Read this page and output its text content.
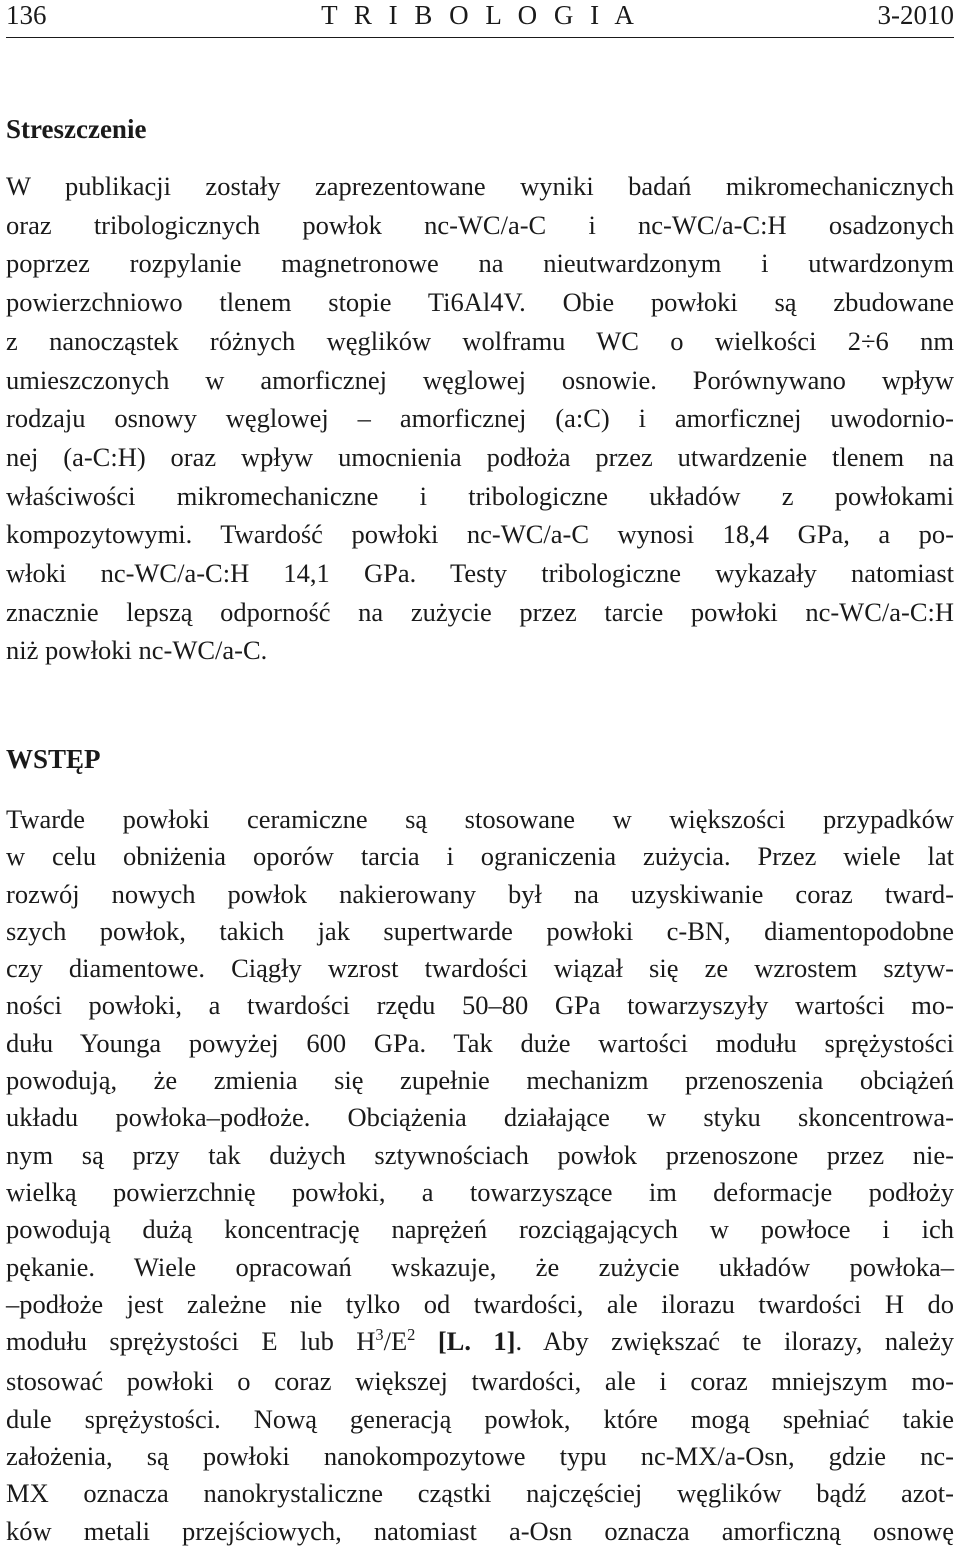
136	T R I B O L O G I A	3-2010
Streszczenie

W publikacji zostały zaprezentowane wyniki badań mikromechanicznych
oraz tribologicznych powłok nc-WC/a-C i nc-WC/a-C:H osadzonych
poprzez rozpylanie magnetronowe na nieutwardzonym i utwardzonym
powierzchniowo tlenem stopie Ti6Al4V. Obie powłoki są zbudowane
z nanocząstek różnych węglików wolframu WC o wielkości 2÷6 nm
umieszczonych w amorficznej węglowej osnowie. Porównywano wpływ
rodzaju osnowy węglowej – amorficznej (a:C) i amorficznej uwodornio-
nej (a-C:H) oraz wpływ umocnienia podłoża przez utwardzenie tlenem na
właściwości mikromechaniczne i tribologiczne układów z powłokami
kompozytowymi. Twardość powłoki nc-WC/a-C wynosi 18,4 GPa, a po-
włoki nc-WC/a-C:H 14,1 GPa. Testy tribologiczne wykazały natomiast
znacznie lepszą odporność na zużycie przez tarcie powłoki nc-WC/a-C:H
niż powłoki nc-WC/a-C.

WSTĘP

Twarde powłoki ceramiczne są stosowane w większości przypadków
w celu obniżenia oporów tarcia i ograniczenia zużycia. Przez wiele lat
rozwój nowych powłok nakierowany był na uzyskiwanie coraz tward-
szych powłok, takich jak supertwarde powłoki c-BN, diamentopodobne
czy diamentowe. Ciągły wzrost twardości wiązał się ze wzrostem sztyw-
ności powłoki, a twardości rzędu 50–80 GPa towarzyszyły wartości mo-
dułu Younga powyżej 600 GPa. Tak duże wartości modułu sprężystości
powodują, że zmienia się zupełnie mechanizm przenoszenia obciążeń
układu powłoka–podłoże. Obciążenia działające w styku skoncentrowa-
nym są przy tak dużych sztywnościach powłok przenoszone przez nie-
wielką powierzchnię powłoki, a towarzyszące im deformacje podłoży
powodują dużą koncentrację naprężeń rozciągających w powłoce i ich
pękanie. Wiele opracowań wskazuje, że zużycie układów powłoka–
–podłoże jest zależne nie tylko od twardości, ale ilorazu twardości H do
modułu sprężystości E lub $H^3/E^2$ [L. 1]. Aby zwiększać te ilorazy, należy
stosować powłoki o coraz większej twardości, ale i coraz mniejszym mo-
dule sprężystości. Nową generacją powłok, które mogą spełniać takie
założenia, są powłoki nanokompozytowe typu nc-MX/a-Osn, gdzie nc-
MX oznacza nanokrystaliczne cząstki najczęściej węglików bądź azot-
ków metali przejściowych, natomiast a-Osn oznacza amorficzną osnowę
